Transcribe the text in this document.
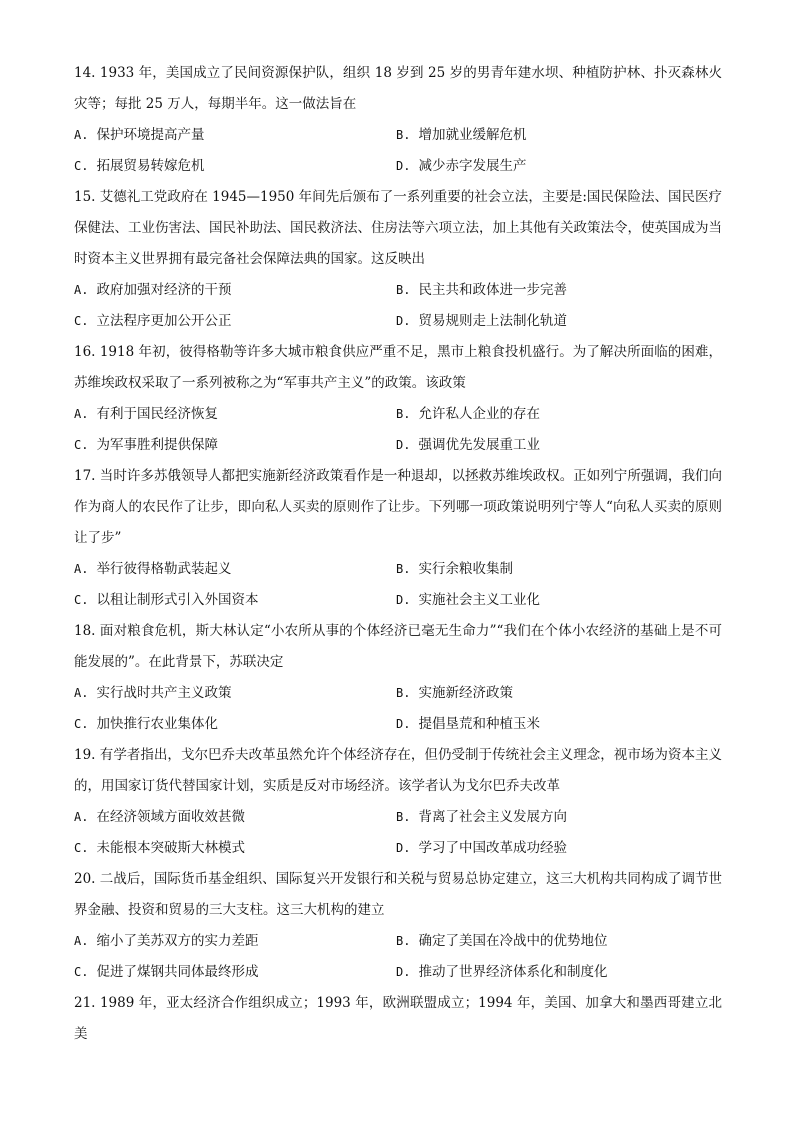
14. 1933 年，美国成立了民间资源保护队，组织 18 岁到 25 岁的男青年建水坝、种植防护林、扑灭森林火灾等；每批 25 万人，每期半年。这一做法旨在

A. 保护环境提高产量	B. 增加就业缓解危机
C. 拓展贸易转嫁危机	D. 减少赤字发展生产

15. 艾德礼工党政府在 1945—1950 年间先后颁布了一系列重要的社会立法，主要是:国民保险法、国民医疗保健法、工业伤害法、国民补助法、国民救济法、住房法等六项立法，加上其他有关政策法令，使英国成为当时资本主义世界拥有最完备社会保障法典的国家。这反映出

A. 政府加强对经济的干预	B. 民主共和政体进一步完善
C. 立法程序更加公开公正	D. 贸易规则走上法制化轨道

16. 1918 年初，彼得格勒等许多大城市粮食供应严重不足，黑市上粮食投机盛行。为了解决所面临的困难，苏维埃政权采取了一系列被称之为“军事共产主义”的政策。该政策

A. 有利于国民经济恢复	B. 允许私人企业的存在
C. 为军事胜利提供保障	D. 强调优先发展重工业

17. 当时许多苏俄领导人都把实施新经济政策看作是一种退却，以拯救苏维埃政权。正如列宁所强调，我们向作为商人的农民作了让步，即向私人买卖的原则作了让步。下列哪一项政策说明列宁等人“向私人买卖的原则让了步”

A. 举行彼得格勒武装起义	B. 实行余粮收集制
C. 以租让制形式引入外国资本	D. 实施社会主义工业化

18. 面对粮食危机，斯大林认定“小农所从事的个体经济已毫无生命力”“我们在个体小农经济的基础上是不可能发展的”。在此背景下，苏联决定

A. 实行战时共产主义政策	B. 实施新经济政策
C. 加快推行农业集体化	D. 提倡垦荒和种植玉米

19. 有学者指出，戈尔巴乔夫改革虽然允许个体经济存在，但仍受制于传统社会主义理念，视市场为资本主义的，用国家订货代替国家计划，实质是反对市场经济。该学者认为戈尔巴乔夫改革

A. 在经济领域方面收效甚微	B. 背离了社会主义发展方向
C. 未能根本突破斯大林模式	D. 学习了中国改革成功经验

20. 二战后，国际货币基金组织、国际复兴开发银行和关税与贸易总协定建立，这三大机构共同构成了调节世界金融、投资和贸易的三大支柱。这三大机构的建立

A. 缩小了美苏双方的实力差距	B. 确定了美国在冷战中的优势地位
C. 促进了煤钢共同体最终形成	D. 推动了世界经济体系化和制度化

21. 1989 年，亚太经济合作组织成立；1993 年，欧洲联盟成立；1994 年，美国、加拿大和墨西哥建立北美
